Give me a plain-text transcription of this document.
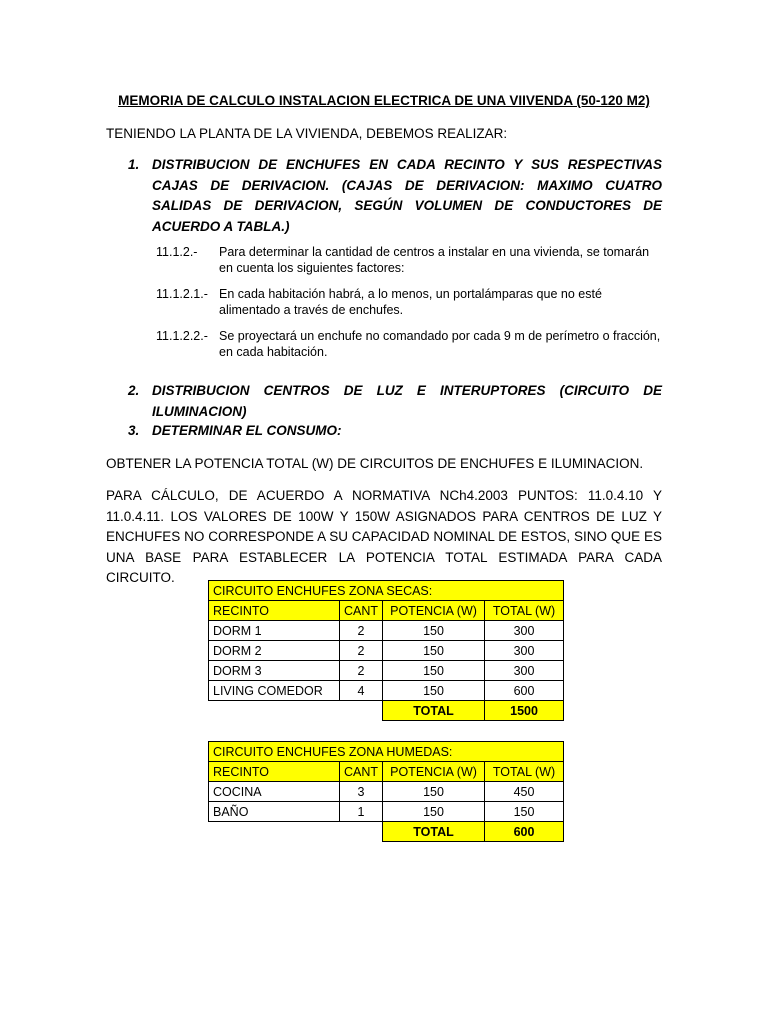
MEMORIA DE CALCULO INSTALACION ELECTRICA DE UNA VIIVENDA (50-120 M2)
TENIENDO LA PLANTA DE LA VIVIENDA, DEBEMOS REALIZAR:
1. DISTRIBUCION DE ENCHUFES EN CADA RECINTO Y SUS RESPECTIVAS CAJAS DE DERIVACION. (CAJAS DE DERIVACION: MAXIMO CUATRO SALIDAS DE DERIVACION, SEGÚN VOLUMEN DE CONDUCTORES DE ACUERDO A TABLA.)
11.1.2.-	Para determinar la cantidad de centros a instalar en una vivienda, se tomarán en cuenta los siguientes factores:
11.1.2.1.- En cada habitación habrá, a lo menos, un portalámparas que no esté alimentado a través de enchufes.
11.1.2.2.- Se proyectará un enchufe no comandado por cada 9 m de perímetro o fracción, en cada habitación.
2. DISTRIBUCION CENTROS DE LUZ E INTERUPTORES (CIRCUITO DE ILUMINACION)
3. DETERMINAR EL CONSUMO:
OBTENER LA POTENCIA TOTAL (W) DE CIRCUITOS DE ENCHUFES E ILUMINACION.
PARA CÁLCULO, DE ACUERDO A NORMATIVA NCh4.2003 PUNTOS: 11.0.4.10 Y 11.0.4.11. LOS VALORES DE 100W Y 150W ASIGNADOS PARA CENTROS DE LUZ Y ENCHUFES NO CORRESPONDE A SU CAPACIDAD NOMINAL DE ESTOS, SINO QUE ES UNA BASE PARA ESTABLECER LA POTENCIA TOTAL ESTIMADA PARA CADA CIRCUITO.
CIRCUITO ENCHUFES ZONA SECAS:			
RECINTO	CANT	POTENCIA (W)	TOTAL (W)
DORM 1	2	150	300
DORM 2	2	150	300
DORM 3	2	150	300
LIVING COMEDOR	4	150	600
		TOTAL	1500
CIRCUITO ENCHUFES ZONA HUMEDAS:			
RECINTO	CANT	POTENCIA (W)	TOTAL (W)
COCINA	3	150	450
BAÑO	1	150	150
		TOTAL	600
